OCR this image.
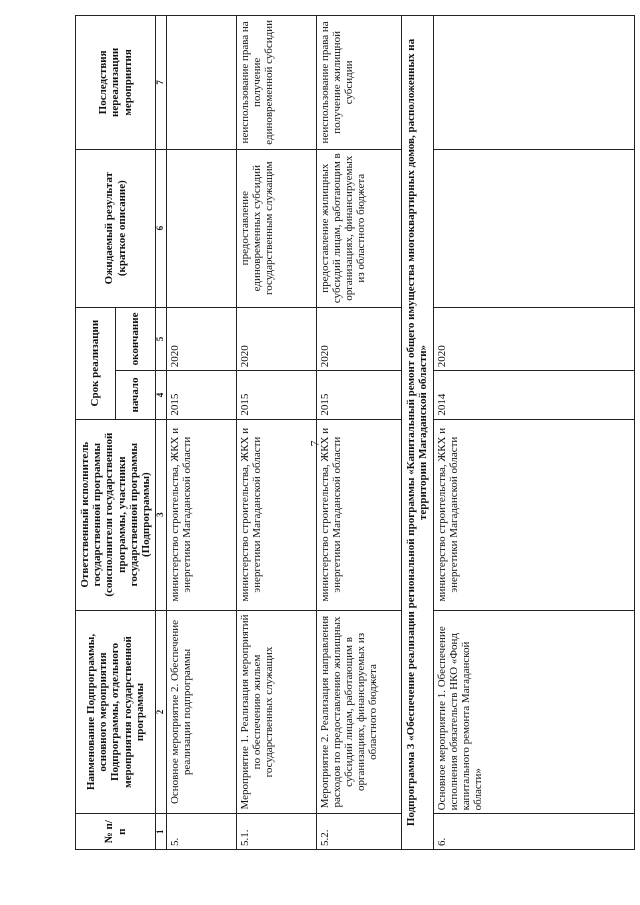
7
№ п/п	Наименование Подпрограммы, основного мероприятия Подпрограммы, отдельного мероприятия государственной программы	Ответственный исполнитель государственной программы (соисполнители государственной программы, участники государственной программы (Подпрограммы)	Срок реализации		Ожидаемый результат (краткое описание)	Последствия нереализации мероприятия
			начало	окончание		
1	2	3	4	5	6	7
5.	Основное мероприятие 2. Обеспечение реализации подпрограммы	министерство строительства, ЖКХ и энергетики Магаданской области	2015	2020		
5.1.	Мероприятие 1. Реализация мероприятий по обеспечению жильем государственных служащих	министерство строительства, ЖКХ и энергетики Магаданской области	2015	2020	предоставление единовременных субсидий государственным служащим	неиспользование права на получение единовременной субсидии
5.2.	Мероприятие 2. Реализация направления расходов по предоставлению жилищных субсидий лицам, работающим в организациях, финансируемых из областного бюджета	министерство строительства, ЖКХ и энергетики Магаданской области	2015	2020	предоставление жилищных субсидий лицам, работающим в организациях, финансируемых из областного бюджета	неиспользование права на получение жилищной субсидии
Подпрограмма 3 «Обеспечение реализации региональной программы «Капитальный ремонт общего имущества многоквартирных домов, расположенных на территории Магаданской области»						
6.	Основное мероприятие 1. Обеспечение исполнения обязательств НКО «Фонд капитального ремонта Магаданской области»	министерство строительства, ЖКХ и энергетики Магаданской области	2014	2020		
